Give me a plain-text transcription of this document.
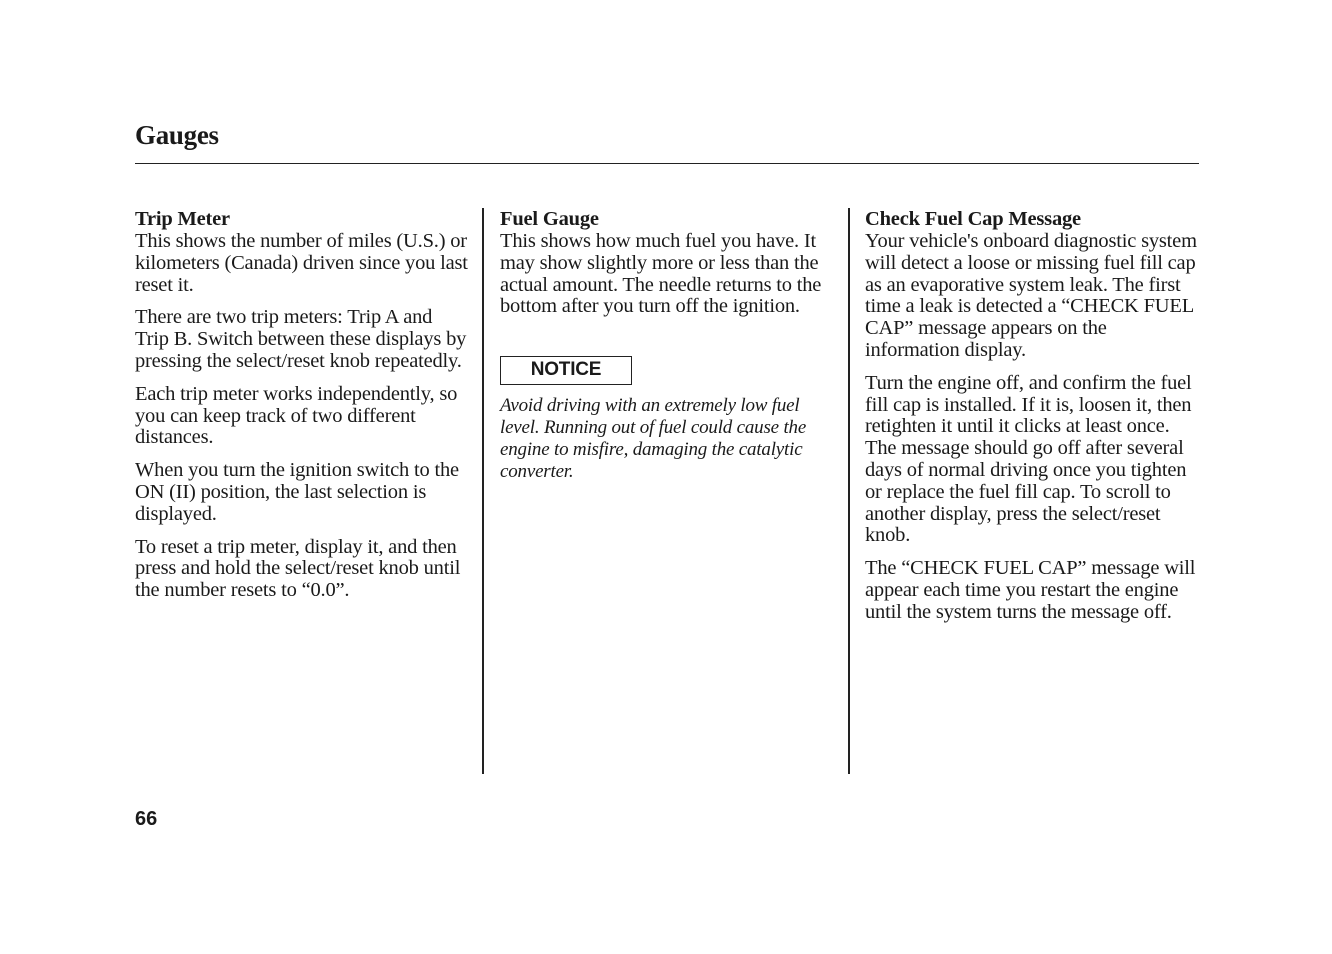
Gauges
Trip Meter

This shows the number of miles (U.S.) or kilometers (Canada) driven since you last reset it.

There are two trip meters: Trip A and Trip B. Switch between these displays by pressing the select/reset knob repeatedly.

Each trip meter works independently, so you can keep track of two different distances.

When you turn the ignition switch to the ON (II) position, the last selection is displayed.

To reset a trip meter, display it, and then press and hold the select/reset knob until the number resets to “0.0”.

Fuel Gauge

This shows how much fuel you have. It may show slightly more or less than the actual amount. The needle returns to the bottom after you turn off the ignition.

NOTICE

Avoid driving with an extremely low fuel level. Running out of fuel could cause the engine to misfire, damaging the catalytic converter.

Check Fuel Cap Message

Your vehicle's onboard diagnostic system will detect a loose or missing fuel fill cap as an evaporative system leak. The first time a leak is detected a “CHECK FUEL CAP” message appears on the information display.

Turn the engine off, and confirm the fuel fill cap is installed. If it is, loosen it, then retighten it until it clicks at least once. The message should go off after several days of normal driving once you tighten or replace the fuel fill cap. To scroll to another display, press the select/reset knob.

The “CHECK FUEL CAP” message will appear each time you restart the engine until the system turns the message off.

66
